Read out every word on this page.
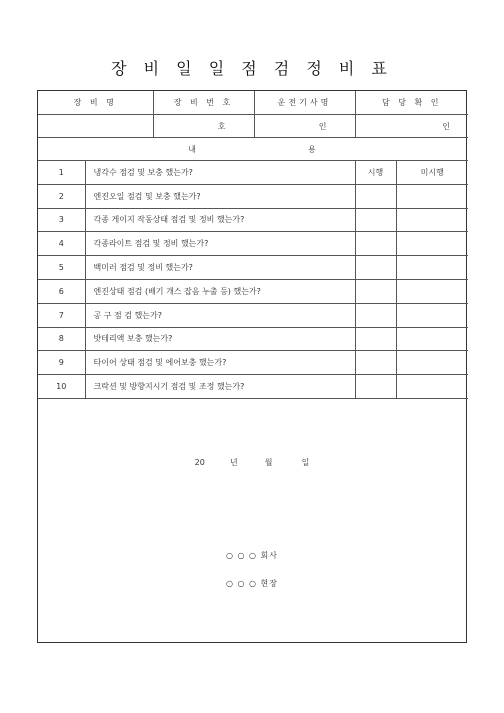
장 비 일 일 점 검 정 비 표
장 비 명		장 비 번 호	운전기사명	담 당 확 인	
		호	인	인	
내 용					
1	냉각수 점검 및 보충 했는가?			시행	미시행
2	엔진오일 점검 및 보충 했는가?				
3	각종 게이지 작동상태 점검 및 정비 했는가?				
4	각종라이트 점검 및 정비 했는가?				
5	백미러 점검 및 정비 했는가?				
6	엔진상태 점검 (배기 개스 잡음 누출 등) 했는가?				
7	공 구 점 검 했는가?				
8	밧테리액 보충 했는가?				
9	타이어 상태 점검 및 에어보충 했는가?				
10	크락션 및 방향지시기 점검 및 조정 했는가?				
20	년	월	일
○ ○ ○ 회사
○ ○ ○ 현장
